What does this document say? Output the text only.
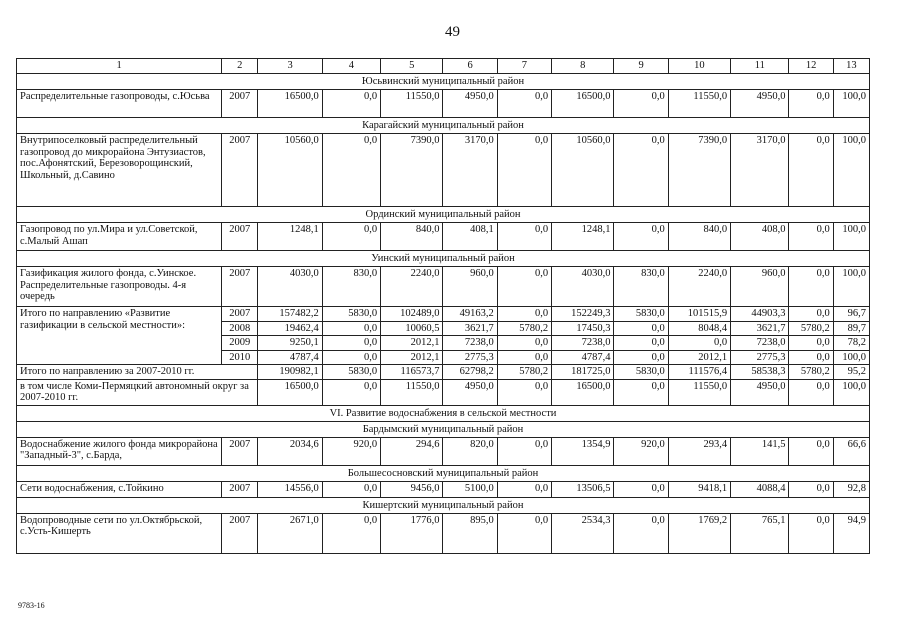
49
1	2	3	4	5	6	7	8	9	10	11	12	13
Юсьвинский муниципальный район												
Распределительные газопроводы, с.Юсьва	2007	16500,0	0,0	11550,0	4950,0	0,0	16500,0	0,0	11550,0	4950,0	0,0	100,0
Карагайский муниципальный район												
Внутрипоселковый распределительный газопровод до микрорайона Энтузиастов, пос.Афонятский, Березоворощинский, Школьный, д.Савино	2007	10560,0	0,0	7390,0	3170,0	0,0	10560,0	0,0	7390,0	3170,0	0,0	100,0
Ординский муниципальный район												
Газопровод по ул.Мира и ул.Советской, с.Малый Ашап	2007	1248,1	0,0	840,0	408,1	0,0	1248,1	0,0	840,0	408,0	0,0	100,0
Уинский муниципальный район												
Газификация жилого фонда, с.Уинское. Распределительные газопроводы. 4-я очередь	2007	4030,0	830,0	2240,0	960,0	0,0	4030,0	830,0	2240,0	960,0	0,0	100,0
Итого по направлению «Развитие газификации в сельской местности»:	2007	157482,2	5830,0	102489,0	49163,2	0,0	152249,3	5830,0	101515,9	44903,3	0,0	96,7
	2008	19462,4	0,0	10060,5	3621,7	5780,2	17450,3	0,0	8048,4	3621,7	5780,2	89,7
	2009	9250,1	0,0	2012,1	7238,0	0,0	7238,0	0,0	0,0	7238,0	0,0	78,2
	2010	4787,4	0,0	2012,1	2775,3	0,0	4787,4	0,0	2012,1	2775,3	0,0	100,0
Итого по направлению за 2007-2010 гг.		190982,1	5830,0	116573,7	62798,2	5780,2	181725,0	5830,0	111576,4	58538,3	5780,2	95,2
в том числе Коми-Пермяцкий автономный округ за 2007-2010 гг.		16500,0	0,0	11550,0	4950,0	0,0	16500,0	0,0	11550,0	4950,0	0,0	100,0
VI. Развитие водоснабжения в сельской местности												
Бардымский муниципальный район												
Водоснабжение жилого фонда микрорайона "Западный-3", с.Барда,	2007	2034,6	920,0	294,6	820,0	0,0	1354,9	920,0	293,4	141,5	0,0	66,6
Большесосновский муниципальный район												
Сети водоснабжения, с.Тойкино	2007	14556,0	0,0	9456,0	5100,0	0,0	13506,5	0,0	9418,1	4088,4	0,0	92,8
Кишертский муниципальный район												
Водопроводные сети по ул.Октябрьской, с.Усть-Кишерть	2007	2671,0	0,0	1776,0	895,0	0,0	2534,3	0,0	1769,2	765,1	0,0	94,9
9783-16
